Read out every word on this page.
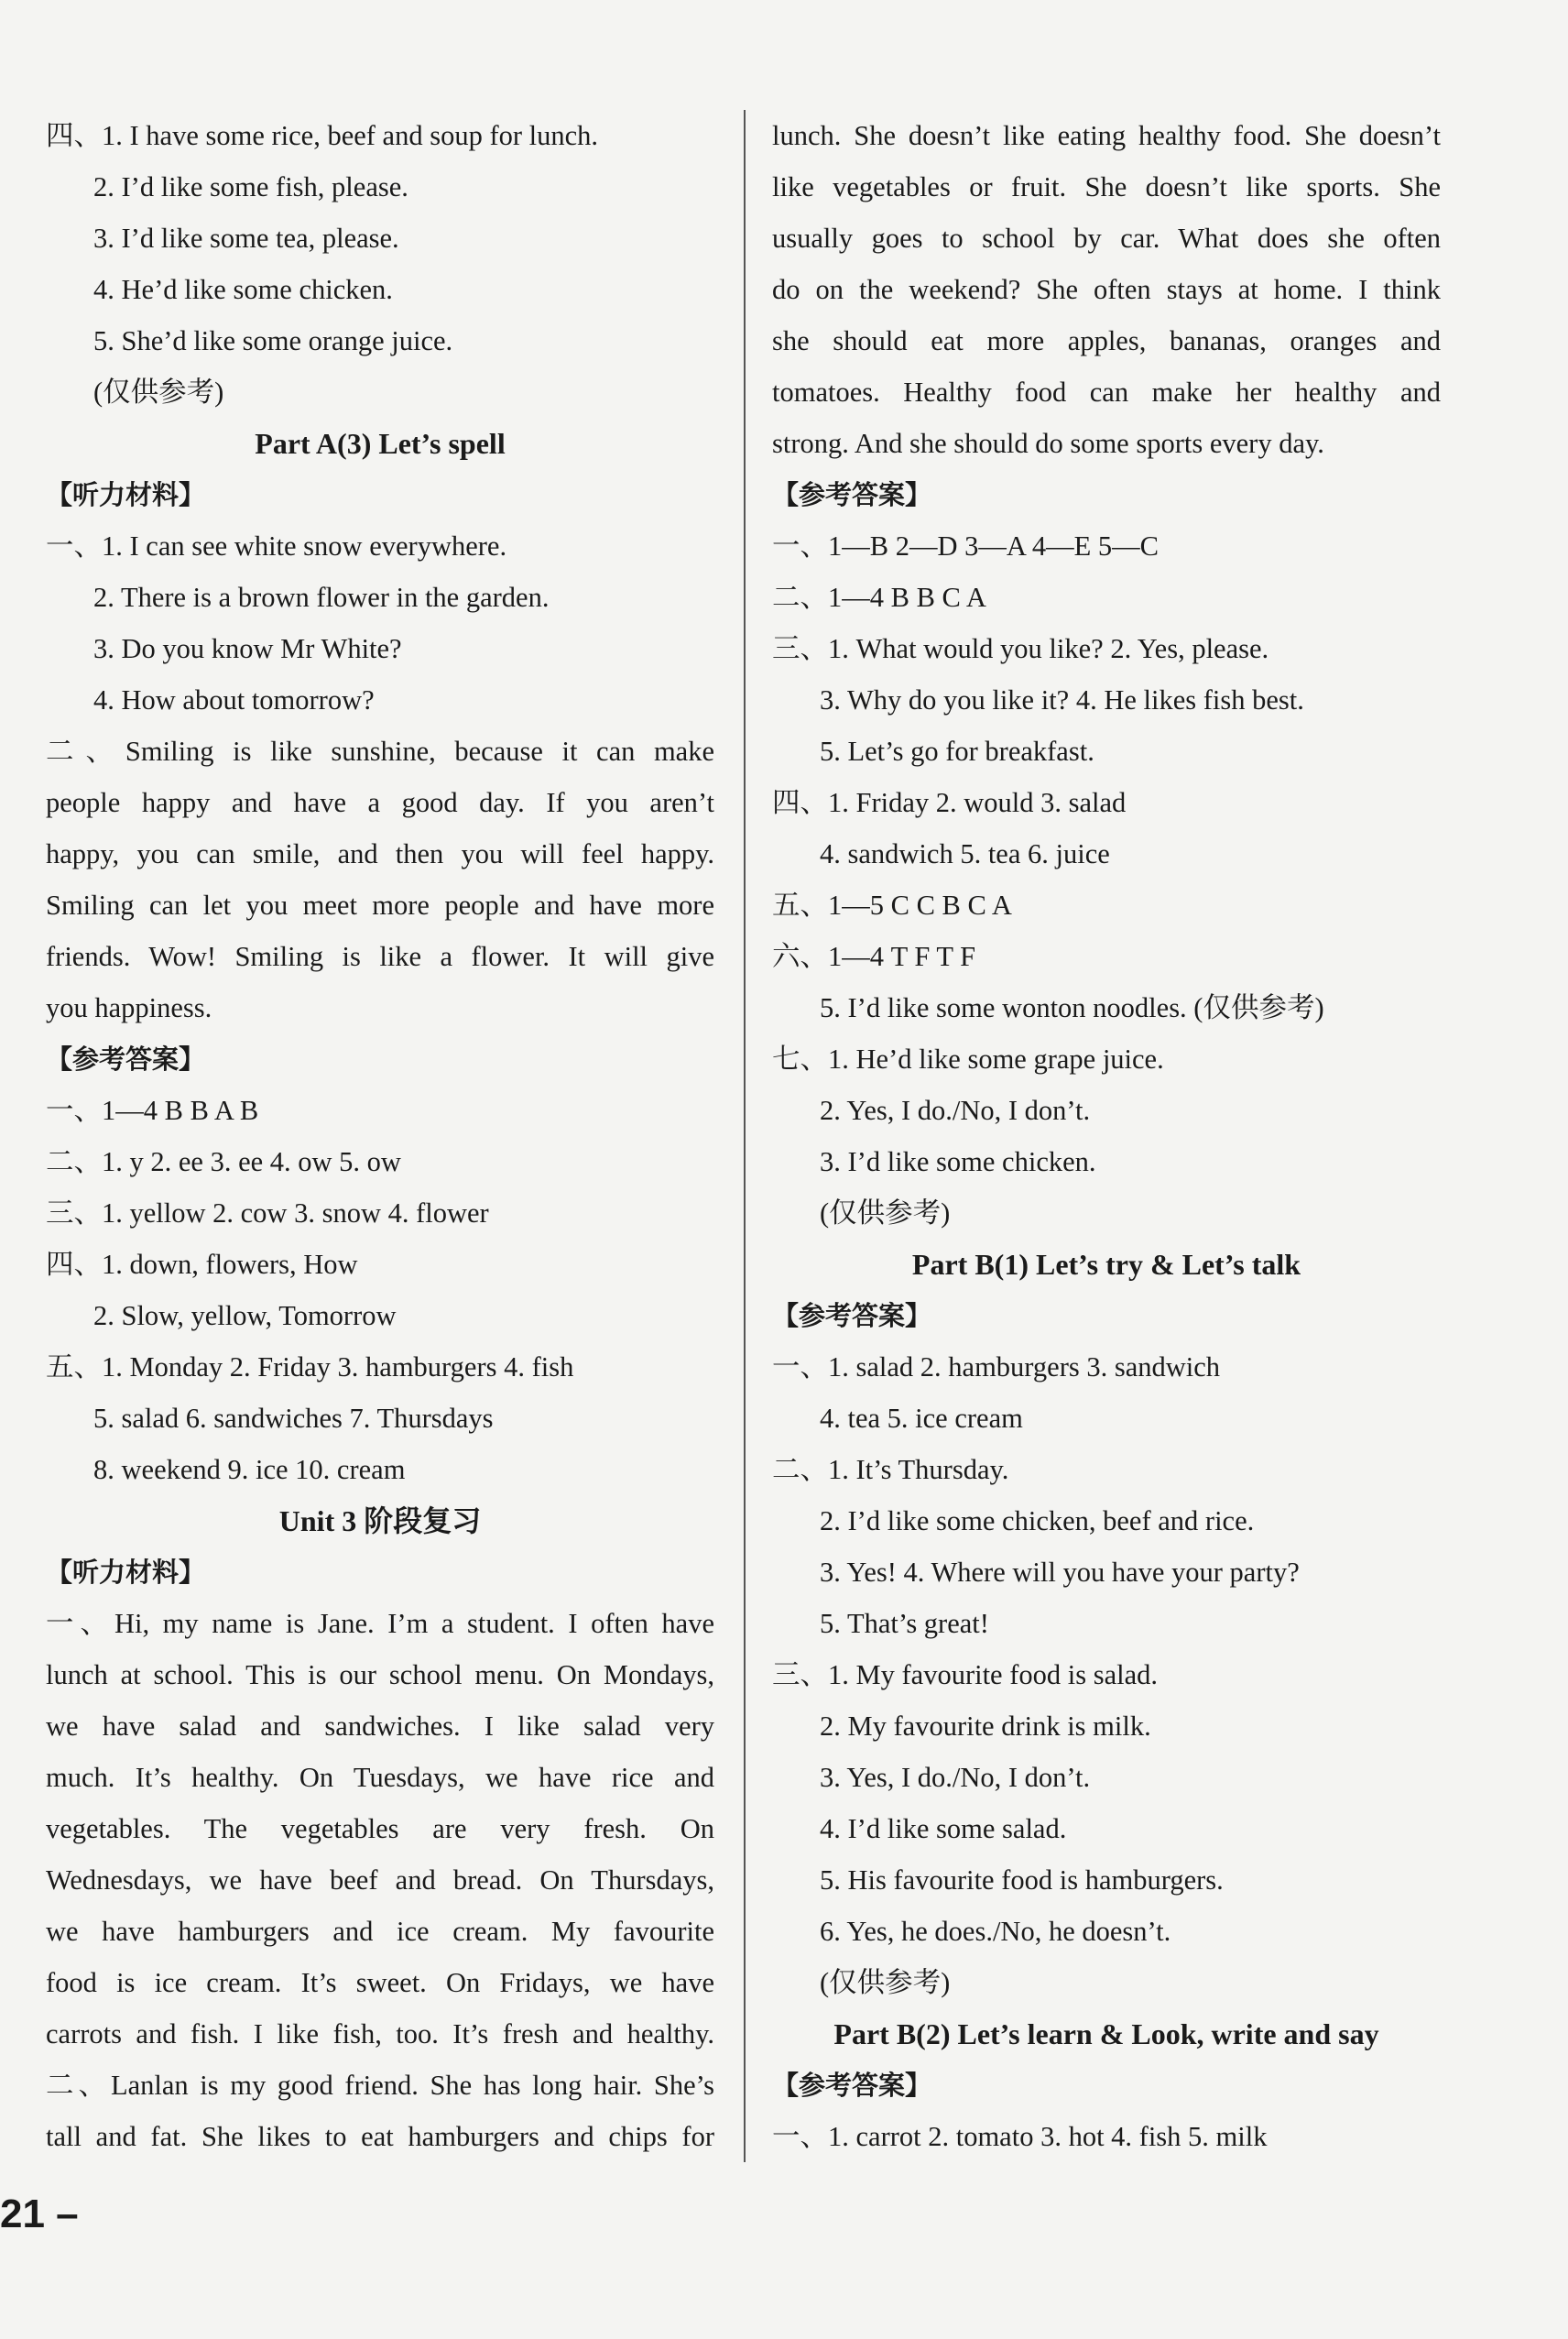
四、1. I have some rice, beef and soup for lunch.
2. I’d like some fish, please.
3. I’d like some tea, please.
4. He’d like some chicken.
5. She’d like some orange juice.
(仅供参考)
Part A(3) Let’s spell
【听力材料】
一、1. I can see white snow everywhere.
2. There is a brown flower in the garden.
3. Do you know Mr White?
4. How about tomorrow?
二、Smiling is like sunshine, because it can make
people happy and have a good day. If you aren’t
happy, you can smile, and then you will feel happy.
Smiling can let you meet more people and have more
friends. Wow! Smiling is like a flower. It will give
you happiness.
【参考答案】
一、1—4 B B A B
二、1. y 2. ee 3. ee 4. ow 5. ow
三、1. yellow 2. cow 3. snow 4. flower
四、1. down, flowers, How
2. Slow, yellow, Tomorrow
五、1. Monday 2. Friday 3. hamburgers 4. fish
5. salad 6. sandwiches 7. Thursdays
8. weekend 9. ice 10. cream
Unit 3 阶段复习
【听力材料】
一、Hi, my name is Jane. I’m a student. I often have
lunch at school. This is our school menu. On Mondays,
we have salad and sandwiches. I like salad very
much. It’s healthy. On Tuesdays, we have rice and
vegetables. The vegetables are very fresh. On
Wednesdays, we have beef and bread. On Thursdays,
we have hamburgers and ice cream. My favourite
food is ice cream. It’s sweet. On Fridays, we have
carrots and fish. I like fish, too. It’s fresh and healthy.
二、Lanlan is my good friend. She has long hair. She’s
tall and fat. She likes to eat hamburgers and chips for
lunch. She doesn’t like eating healthy food. She doesn’t
like vegetables or fruit. She doesn’t like sports. She
usually goes to school by car. What does she often
do on the weekend? She often stays at home. I think
she should eat more apples, bananas, oranges and
tomatoes. Healthy food can make her healthy and
strong. And she should do some sports every day.
【参考答案】
一、1—B 2—D 3—A 4—E 5—C
二、1—4 B B C A
三、1. What would you like? 2. Yes, please.
3. Why do you like it? 4. He likes fish best.
5. Let’s go for breakfast.
四、1. Friday 2. would 3. salad
4. sandwich 5. tea 6. juice
五、1—5 C C B C A
六、1—4 T F T F
5. I’d like some wonton noodles. (仅供参考)
七、1. He’d like some grape juice.
2. Yes, I do./No, I don’t.
3. I’d like some chicken.
(仅供参考)
Part B(1) Let’s try & Let’s talk
【参考答案】
一、1. salad 2. hamburgers 3. sandwich
4. tea 5. ice cream
二、1. It’s Thursday.
2. I’d like some chicken, beef and rice.
3. Yes! 4. Where will you have your party?
5. That’s great!
三、1. My favourite food is salad.
2. My favourite drink is milk.
3. Yes, I do./No, I don’t.
4. I’d like some salad.
5. His favourite food is hamburgers.
6. Yes, he does./No, he doesn’t.
(仅供参考)
Part B(2) Let’s learn & Look, write and say
【参考答案】
一、1. carrot 2. tomato 3. hot 4. fish 5. milk
21 –
